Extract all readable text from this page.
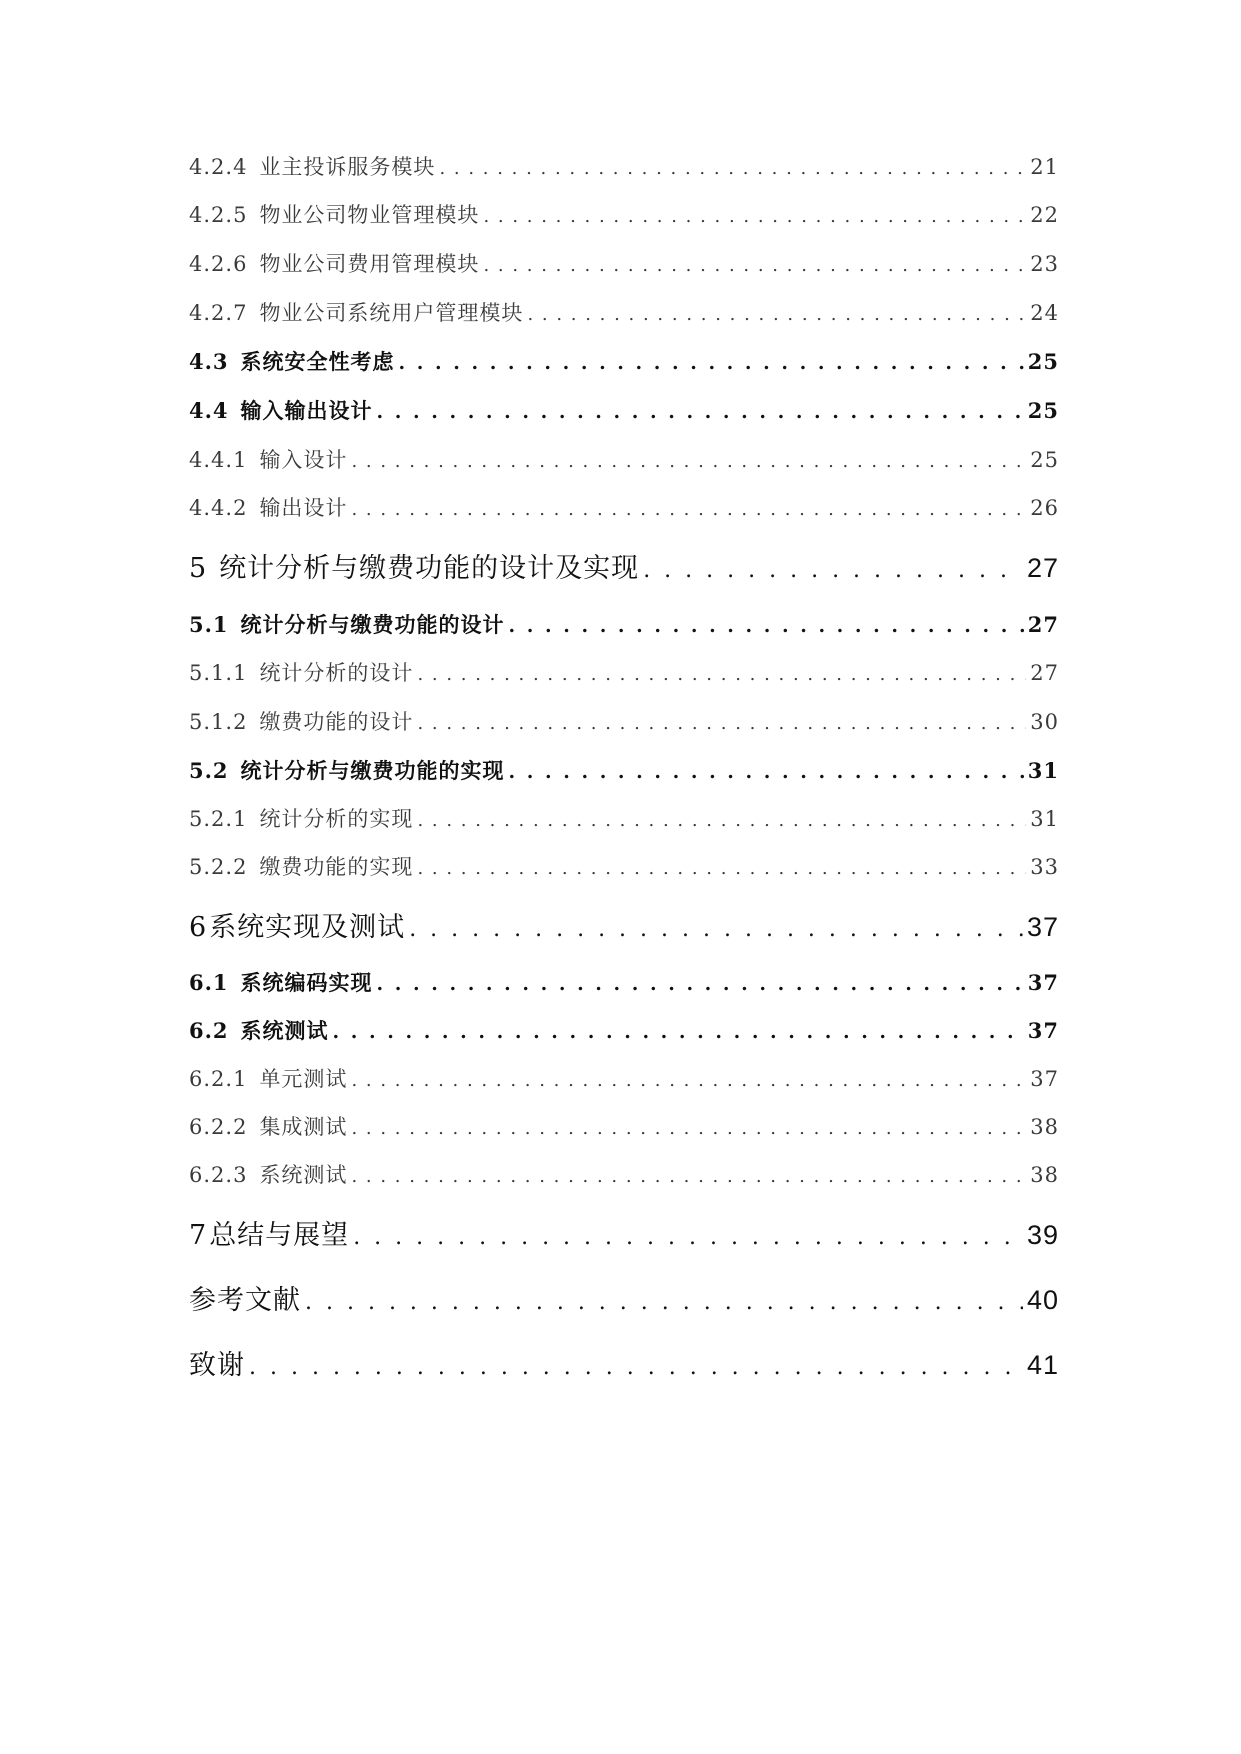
4.2.4 业主投诉服务模块 . . .	21
4.2.5 物业公司物业管理模块 . . .	22
4.2.6 物业公司费用管理模块 . . .	23
4.2.7 物业公司系统用户管理模块 . . .	24
4.3 系统安全性考虑 . . .	25
4.4 输入输出设计 . . .	25
4.4.1 输入设计 . . .	25
4.4.2 输出设计 . . .	26
5 统计分析与缴费功能的设计及实现 . . .	27
5.1 统计分析与缴费功能的设计 . . .	27
5.1.1 统计分析的设计 . . .	27
5.1.2 缴费功能的设计 . . .	30
5.2 统计分析与缴费功能的实现 . . .	31
5.2.1 统计分析的实现 . . .	31
5.2.2 缴费功能的实现 . . .	33
6系统实现及测试 . . .	37
6.1 系统编码实现 . . .	37
6.2 系统测试 . . .	37
6.2.1 单元测试 . . .	37
6.2.2 集成测试 . . .	38
6.2.3 系统测试 . . .	38
7总结与展望 . . .	39
参考文献 . . .	40
致谢 . . .	41
